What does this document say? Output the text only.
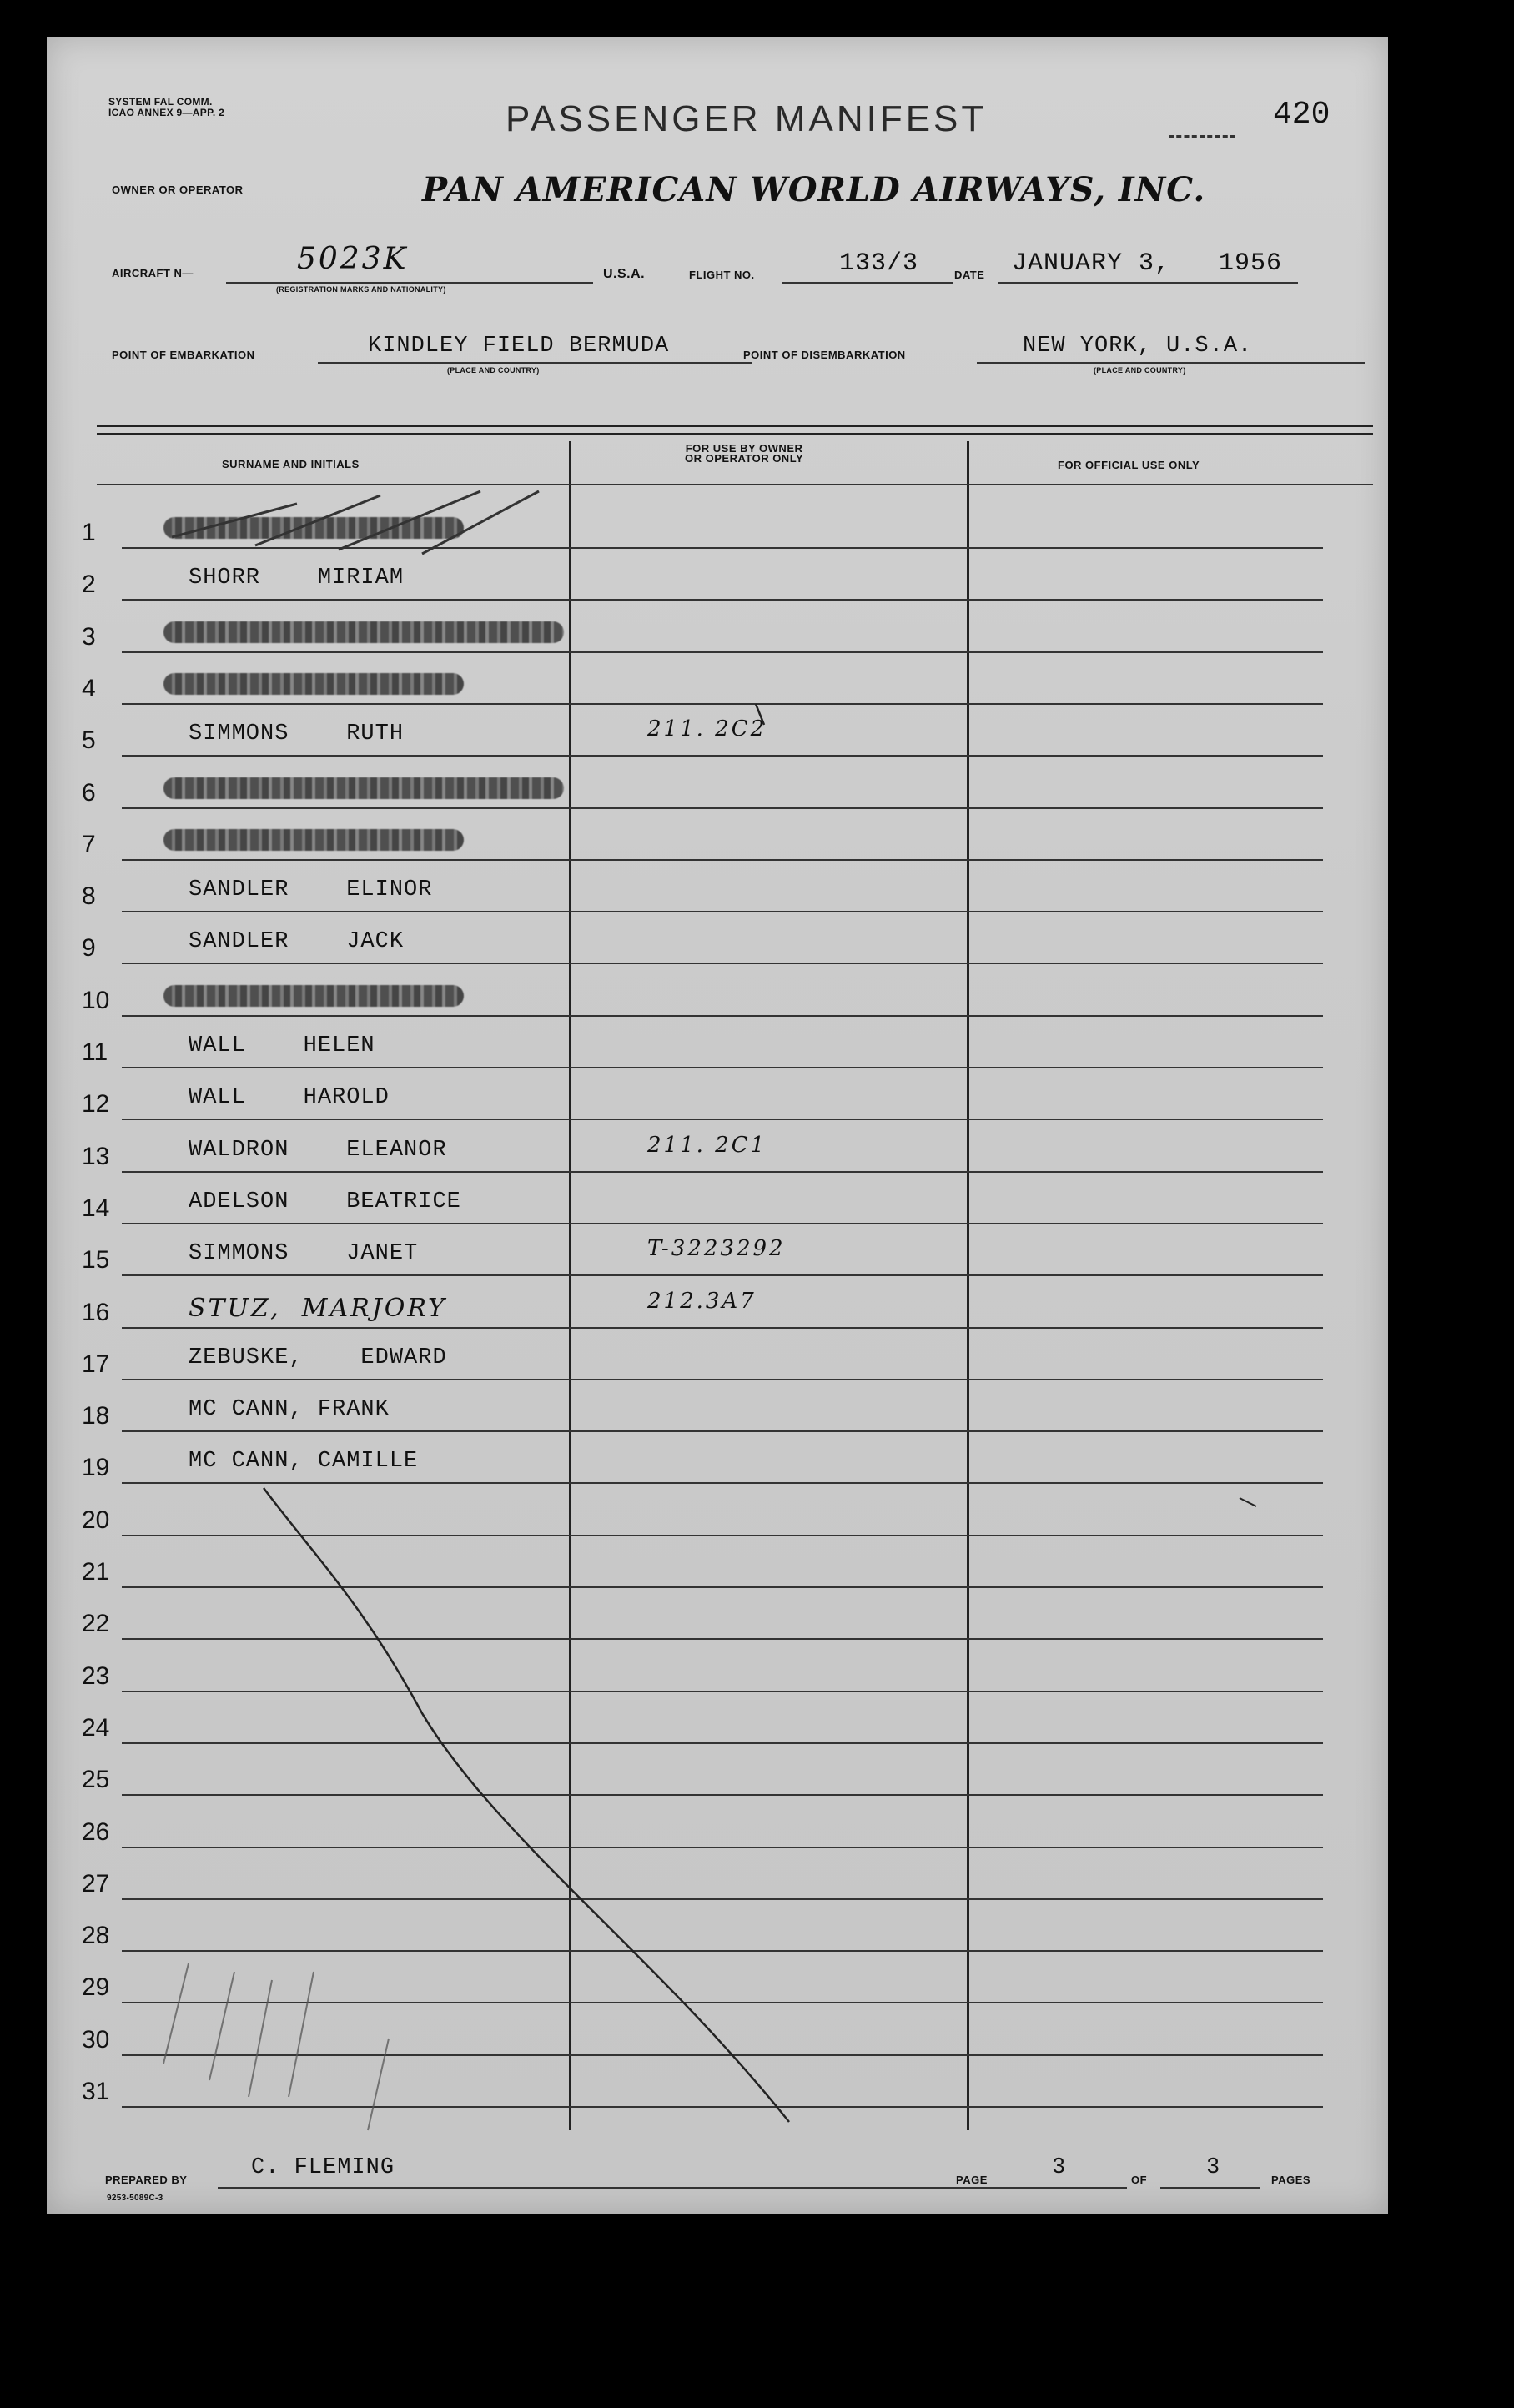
SYSTEM FAL COMM.
ICAO ANNEX 9—APP. 2	PASSENGER MANIFEST	420
OWNER OR OPERATOR	PAN AMERICAN WORLD AIRWAYS, INC.
AIRCRAFT N—	5023K
(REGISTRATION MARKS AND NATIONALITY)
U.S.A.	FLIGHT NO.	133/3	DATE JANUARY 3, 1956
POINT OF EMBARKATION	KINDLEY FIELD BERMUDA
(PLACE AND COUNTRY)
POINT OF DISEMBARKATION	NEW YORK, U.S.A.
(PLACE AND COUNTRY)
SURNAME AND INITIALS
FOR USE BY OWNER
OR OPERATOR ONLY
FOR OFFICIAL USE ONLY
1
2	SHORR    MIRIAM
3
4
5	SIMMONS    RUTH	211. 2C2
6
7
8	SANDLER    ELINOR
9	SANDLER    JACK
10
11	WALL    HELEN
12	WALL    HAROLD
13	WALDRON    ELEANOR	211. 2C1
14	ADELSON    BEATRICE
15	SIMMONS    JANET	T-3223292
16	STUZ,  MARJORY	212.3A7
17	ZEBUSKE,    EDWARD
18	MC CANN, FRANK
19	MC CANN, CAMILLE
20
21
22
23
24
25
26
27
28
29
30
31
PREPARED BY	C. FLEMING	PAGE	3	OF	3	PAGES
9253-5089C-3
